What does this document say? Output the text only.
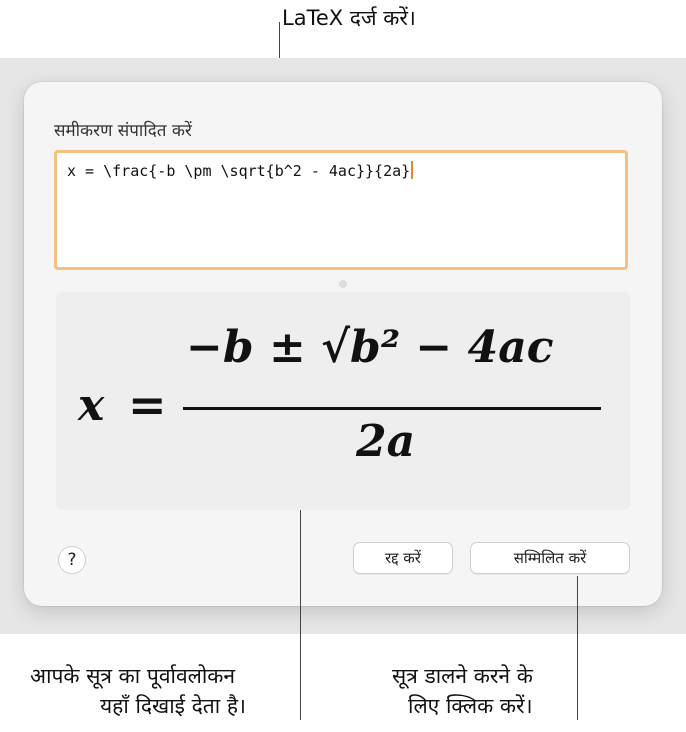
LaTeX दर्ज करें।
समीकरण संपादित करें
x = \frac{-b \pm \sqrt{b^2 - 4ac}}{2a}
x =
−b ± √b² − 4ac
2a
?	रद्द करें	सम्मिलित करें
आपके सूत्र का पूर्वावलोकन
यहाँ दिखाई देता है।
सूत्र डालने करने के
लिए क्लिक करें।
